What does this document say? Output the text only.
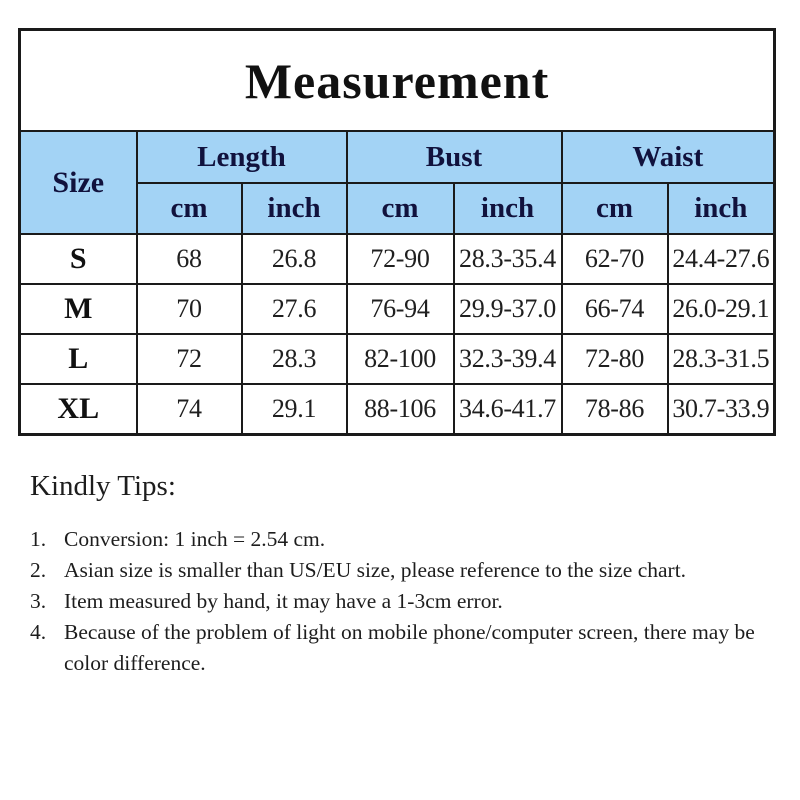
Measurement						
Size	Length		Bust		Waist	
	cm	inch	cm	inch	cm	inch
S	68	26.8	72-90	28.3-35.4	62-70	24.4-27.6
M	70	27.6	76-94	29.9-37.0	66-74	26.0-29.1
L	72	28.3	82-100	32.3-39.4	72-80	28.3-31.5
XL	74	29.1	88-106	34.6-41.7	78-86	30.7-33.9
Kindly Tips:
1. Conversion: 1 inch = 2.54 cm.
2. Asian size is smaller than US/EU size, please reference to the size chart.
3. Item measured by hand, it may have a 1-3cm error.
4. Because of the problem of light on mobile phone/computer screen, there may be color difference.
